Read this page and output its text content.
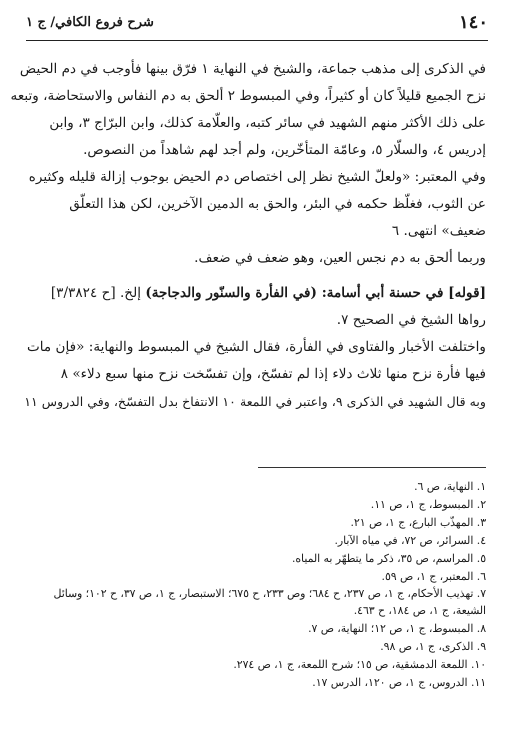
شرح فروع الكافي/ ج ١	١٤٠
في الذكرى إلى مذهب جماعة، والشيخ في النهاية ١ فرّق بينها فأوجب في دم الحيض
نزح الجميع قليلاً كان أو كثيراً، وفي المبسوط ٢ ألحق به دم النفاس والاستحاضة، وتبعه
على ذلك الأكثر منهم الشهيد في سائر كتبه، والعلّامة كذلك، وابن البرّاج ٣، وابن
إدريس ٤، والسلّار ٥، وعامّة المتأخّرين، ولم أجد لهم شاهداً من النصوص.
وفي المعتبر: «ولعلّ الشيخ نظر إلى اختصاص دم الحيض بوجوب إزالة قليله وكثيره
عن الثوب، فغلّظ حكمه في البئر، والحق به الدمين الآخرين، لكن هذا التعلّق
ضعيف» انتهى. ٦
وربما ألحق به دم نجس العين، وهو ضعف في ضعف.
[قوله] في حسنة أبي أسامة: (في الفأرة والسنّور والدجاجة) إلخ. [ح ٣/٣٨٢٤]
رواها الشيخ في الصحيح ٧.
واختلفت الأخبار والفتاوى في الفأرة، فقال الشيخ في المبسوط والنهاية: «فإن مات
فيها فأرة نزح منها ثلاث دلاء إذا لم تفسّخ، وإن تفسّخت نزح منها سبع دلاء» ٨
وبه قال الشهيد في الذكرى ٩، واعتبر في اللمعة ١٠ الانتفاخ بدل التفسّخ، وفي الدروس ١١
١. النهاية، ص ٦.
٢. المبسوط، ج ١، ص ١١.
٣. المهذّب البارع، ج ١، ص ٢١.
٤. السرائر، ص ٧٢، في مياه الآبار.
٥. المراسم، ص ٣٥، ذكر ما يتطهّر به المياه.
٦. المعتبر، ج ١، ص ٥٩.
٧. تهذيب الأحكام، ج ١، ص ٢٣٧، ح ٦٨٤؛ وص ٢٣٣، ح ٦٧٥؛ الاستبصار، ج ١، ص ٣٧، ح ١٠٢؛ وسائل
الشيعة، ج ١، ص ١٨٤، ح ٤٦٣.
٨. المبسوط، ج ١، ص ١٢؛ النهاية، ص ٧.
٩. الذكرى، ج ١، ص ٩٨.
١٠. اللمعة الدمشقية، ص ١٥؛ شرح اللمعة، ج ١، ص ٢٧٤.
١١. الدروس، ج ١، ص ١٢٠، الدرس ١٧.
